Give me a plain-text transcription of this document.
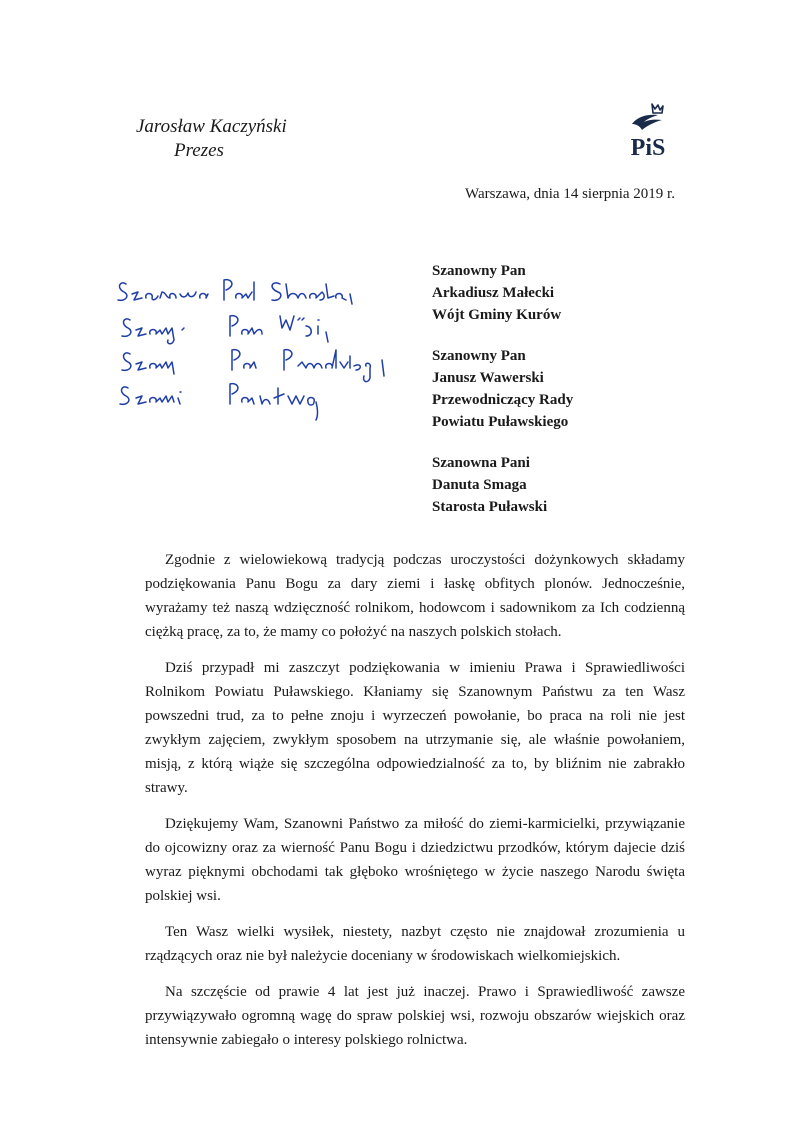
Jarosław Kaczyński
Prezes	PiS
Warszawa, dnia 14 sierpnia 2019 r.
Szanowny Pan
Arkadiusz Małecki
Wójt Gminy Kurów
Szanowny Pan
Janusz Wawerski
Przewodniczący Rady
Powiatu Puławskiego
Szanowna Pani
Danuta Smaga
Starosta Puławski

Zgodnie z wielowiekową tradycją podczas uroczystości dożynkowych składamy podziękowania Panu Bogu za dary ziemi i łaskę obfitych plonów. Jednocześnie, wyrażamy też naszą wdzięczność rolnikom, hodowcom i sadownikom za Ich codzienną ciężką pracę, za to, że mamy co położyć na naszych polskich stołach.

Dziś przypadł mi zaszczyt podziękowania w imieniu Prawa i Sprawiedliwości Rolnikom Powiatu Puławskiego. Kłaniamy się Szanownym Państwu za ten Wasz powszedni trud, za to pełne znoju i wyrzeczeń powołanie, bo praca na roli nie jest zwykłym zajęciem, zwykłym sposobem na utrzymanie się, ale właśnie powołaniem, misją, z którą wiąże się szczególna odpowiedzialność za to, by bliźnim nie zabrakło strawy.

Dziękujemy Wam, Szanowni Państwo za miłość do ziemi-karmicielki, przywiązanie do ojcowizny oraz za wierność Panu Bogu i dziedzictwu przodków, którym dajecie dziś wyraz pięknymi obchodami tak głęboko wrośniętego w życie naszego Narodu święta polskiej wsi.

Ten Wasz wielki wysiłek, niestety, nazbyt często nie znajdował zrozumienia u rządzących oraz nie był należycie doceniany w środowiskach wielkomiejskich.

Na szczęście od prawie 4 lat jest już inaczej. Prawo i Sprawiedliwość zawsze przywiązywało ogromną wagę do spraw polskiej wsi, rozwoju obszarów wiejskich oraz intensywnie zabiegało o interesy polskiego rolnictwa.
